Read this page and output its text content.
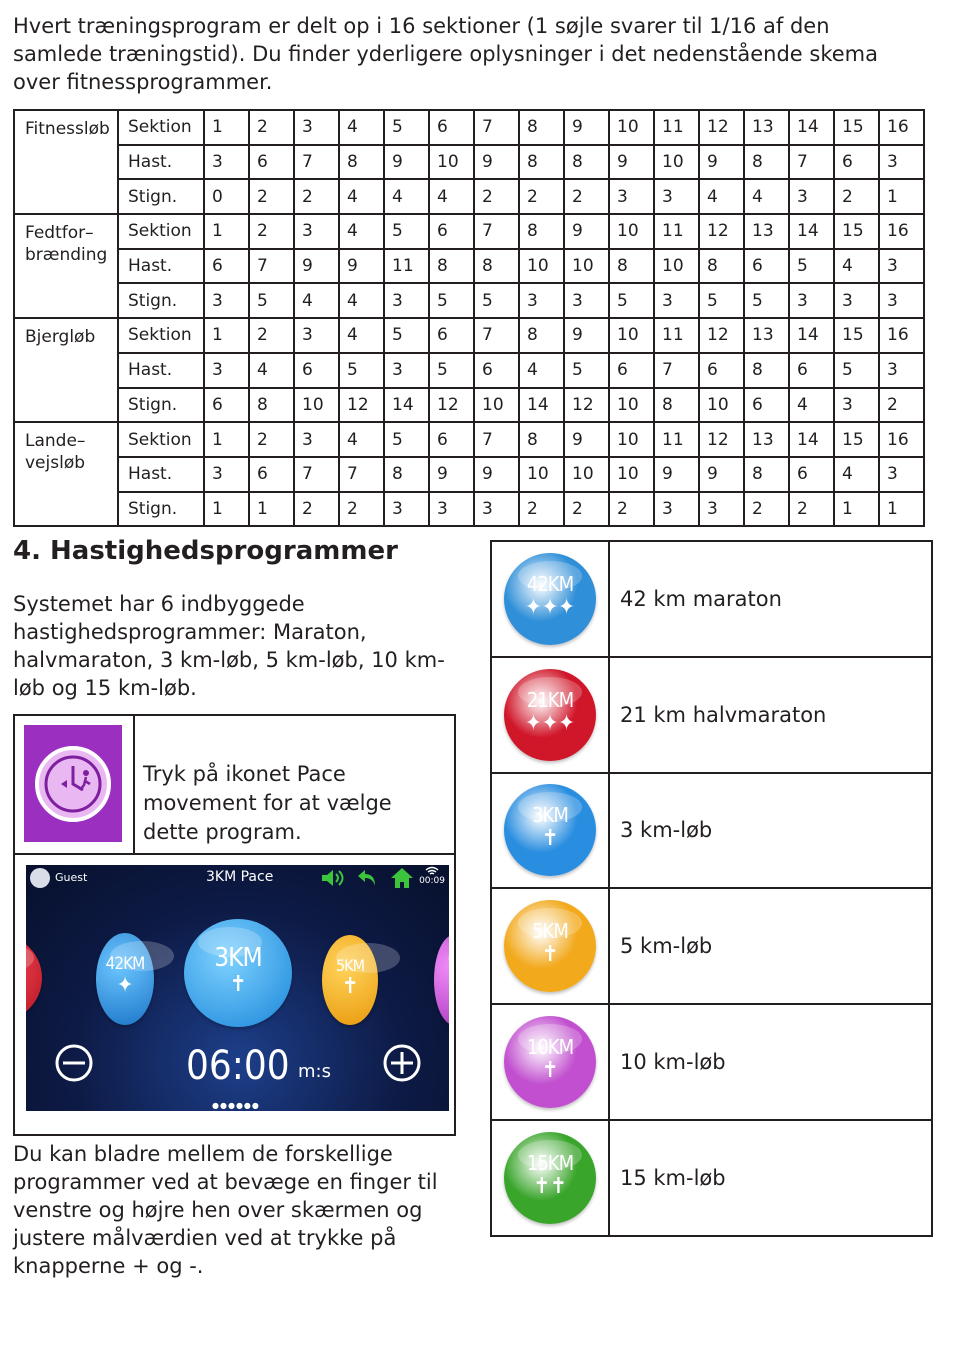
Hvert træningsprogram er delt op i 16 sektioner (1 søjle svarer til 1/16 af den samlede træningstid). Du finder yderligere oplysninger i det nedenstående skema over fitnessprogrammer.
Fitnessløb	Sektion	1	2	3	4	5	6	7	8	9	10	11	12	13	14	15	16
	Hast.	3	6	7	8	9	10	9	8	8	9	10	9	8	7	6	3
	Stign.	0	2	2	4	4	4	2	2	2	3	3	4	4	3	2	1
Fedtfor– brænding	Sektion	1	2	3	4	5	6	7	8	9	10	11	12	13	14	15	16
	Hast.	6	7	9	9	11	8	8	10	10	8	10	8	6	5	4	3
	Stign.	3	5	4	4	3	5	5	3	3	5	3	5	5	3	3	3
Bjergløb	Sektion	1	2	3	4	5	6	7	8	9	10	11	12	13	14	15	16
	Hast.	3	4	6	5	3	5	6	4	5	6	7	6	8	6	5	3
	Stign.	6	8	10	12	14	12	10	14	12	10	8	10	6	4	3	2
Lande– vejsløb	Sektion	1	2	3	4	5	6	7	8	9	10	11	12	13	14	15	16
	Hast.	3	6	7	7	8	9	9	10	10	10	9	9	8	6	4	3
	Stign.	1	1	2	2	3	3	3	2	2	2	3	3	2	2	1	1
4. Hastighedsprogrammer
Systemet har 6 indbyggede hastighedsprogrammer: Maraton, halvmaraton, 3 km-løb, 5 km-løb, 10 km-løb og 15 km-løb.
Tryk på ikonet Pace movement for at vælge dette program.
Guest	3KM Pace	00:09
42KM
✦
3KM
✝
5KM
✝
06:00 m:s
●●●●●●
Du kan bladre mellem de forskellige programmer ved at bevæge en finger til venstre og højre hen over skærmen og justere målværdien ved at trykke på knapperne + og -.
42KM
✦✦✦	42 km maraton

21KM
✦✦✦	21 km halvmaraton

3KM
✝	3 km-løb

5KM
✝	5 km-løb

10KM
✝	10 km-løb

15KM
✝✝	15 km-løb
